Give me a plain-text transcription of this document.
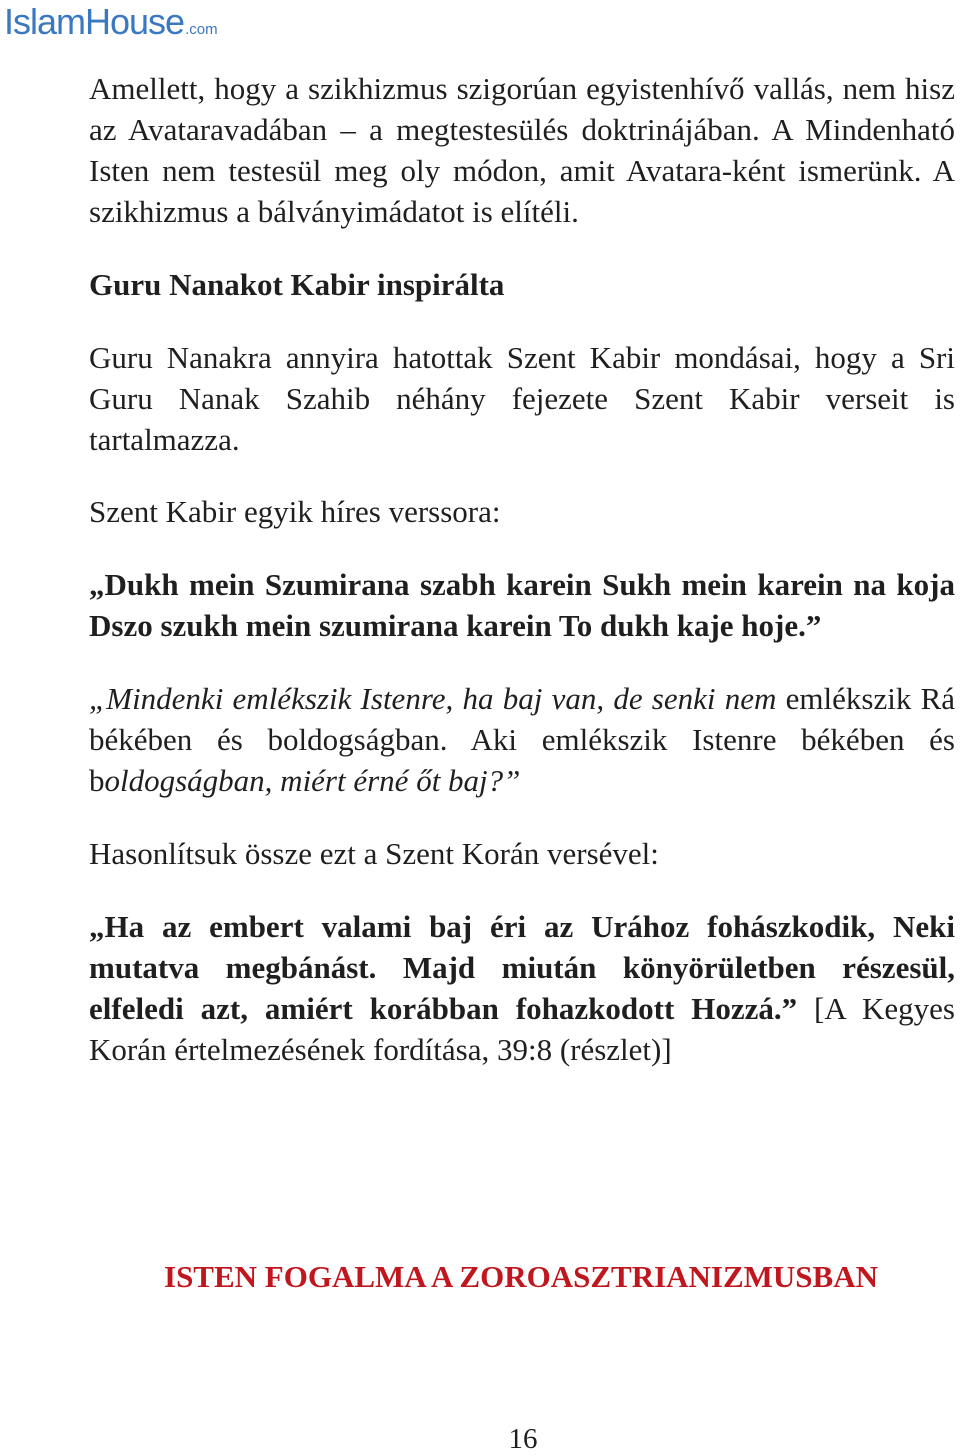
IslamHouse.com

Amellett, hogy a szikhizmus szigorúan egyistenhívő vallás, nem hisz az Avataravadában – a megtestesülés doktrinájában. A Mindenható Isten nem testesül meg oly módon, amit Avatara-ként ismerünk. A szikhizmus a bálványimádatot is elítéli.

Guru Nanakot Kabir inspirálta

Guru Nanakra annyira hatottak Szent Kabir mondásai, hogy a Sri Guru Nanak Szahib néhány fejezete Szent Kabir verseit is tartalmazza.

Szent Kabir egyik híres verssora:

„Dukh mein Szumirana szabh karein Sukh mein karein na koja Dszo szukh mein szumirana karein To dukh kaje hoje.”

„Mindenki emlékszik Istenre, ha baj van, de senki nem emlékszik Rá békében és boldogságban. Aki emlékszik Istenre békében és boldogságban, miért érné őt baj?”

Hasonlítsuk össze ezt a Szent Korán versével:

„Ha az embert valami baj éri az Urához fohászkodik, Neki mutatva megbánást. Majd miután könyörületben részesül, elfeledi azt, amiért korábban fohazkodott Hozzá.” [A Kegyes Korán értelmezésének fordítása, 39:8 (részlet)]

ISTEN FOGALMA A ZOROASZTRIANIZMUSBAN
16
